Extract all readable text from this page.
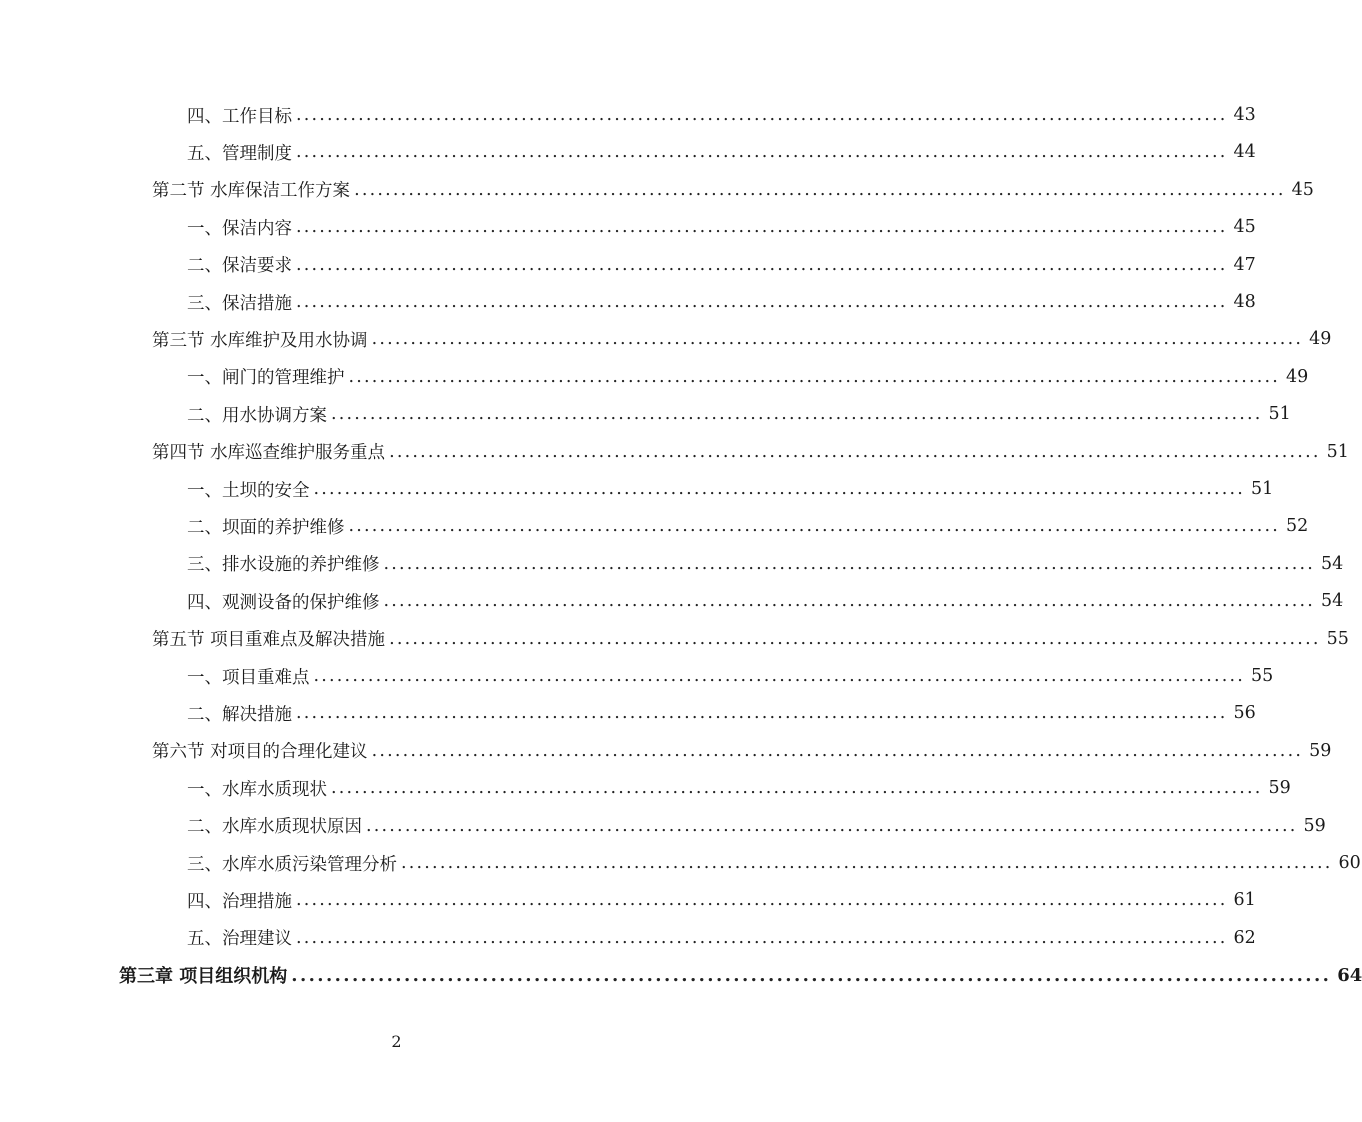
四、工作目标 ........................................................................................................................ 43
五、管理制度 ........................................................................................................................ 44
第二节 水库保洁工作方案 ........................................................................................................................ 45
一、保洁内容 ........................................................................................................................ 45
二、保洁要求 ........................................................................................................................ 47
三、保洁措施 ........................................................................................................................ 48
第三节 水库维护及用水协调 ........................................................................................................................ 49
一、闸门的管理维护 ........................................................................................................................ 49
二、用水协调方案 ........................................................................................................................ 51
第四节 水库巡查维护服务重点 ........................................................................................................................ 51
一、土坝的安全 ........................................................................................................................ 51
二、坝面的养护维修 ........................................................................................................................ 52
三、排水设施的养护维修 ........................................................................................................................ 54
四、观测设备的保护维修 ........................................................................................................................ 54
第五节 项目重难点及解决措施 ........................................................................................................................ 55
一、项目重难点 ........................................................................................................................ 55
二、解决措施 ........................................................................................................................ 56
第六节 对项目的合理化建议 ........................................................................................................................ 59
一、水库水质现状 ........................................................................................................................ 59
二、水库水质现状原因 ........................................................................................................................ 59
三、水库水质污染管理分析 ........................................................................................................................ 60
四、治理措施 ........................................................................................................................ 61
五、治理建议 ........................................................................................................................ 62
第三章 项目组织机构 ........................................................................................................................ 64
2
